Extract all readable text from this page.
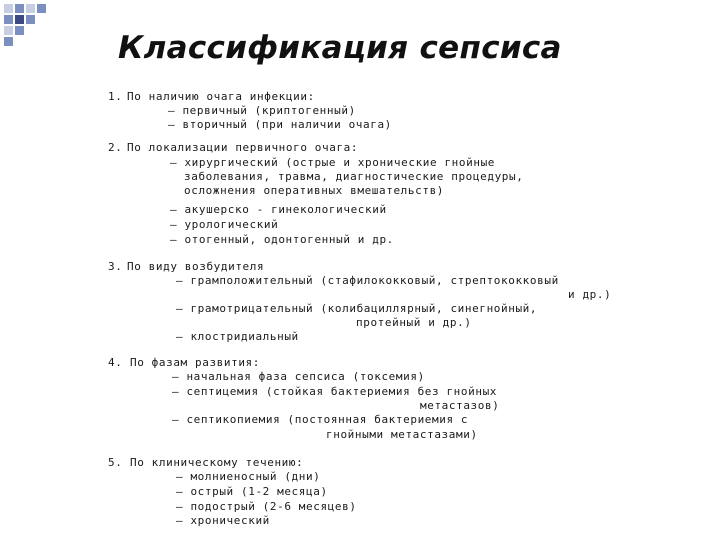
Классификация сепсиса
1. По наличию очага инфекции:
– первичный (криптогенный)
– вторичный (при наличии очага)
2. По локализации первичного очага:
– хирургический (острые и хронические гнойные
заболевания, травма, диагностические процедуры,
осложнения оперативных вмешательств)
– акушерско - гинекологический
– урологический
– отогенный, одонтогенный и др.
3. По виду возбудителя
– грамположительный (стафилококковый, стрептококковый
и др.)
– грамотрицательный (колибациллярный, синегнойный,
протейный и др.)
– клостридиальный
4. По фазам развития:
– начальная фаза сепсиса (токсемия)
– септицемия (стойкая бактериемия без гнойных
метастазов)
– септикопиемия (постоянная бактериемия с
гнойными метастазами)
5. По клиническому течению:
– молниеносный (дни)
– острый (1-2 месяца)
– подострый (2-6 месяцев)
– хронический
